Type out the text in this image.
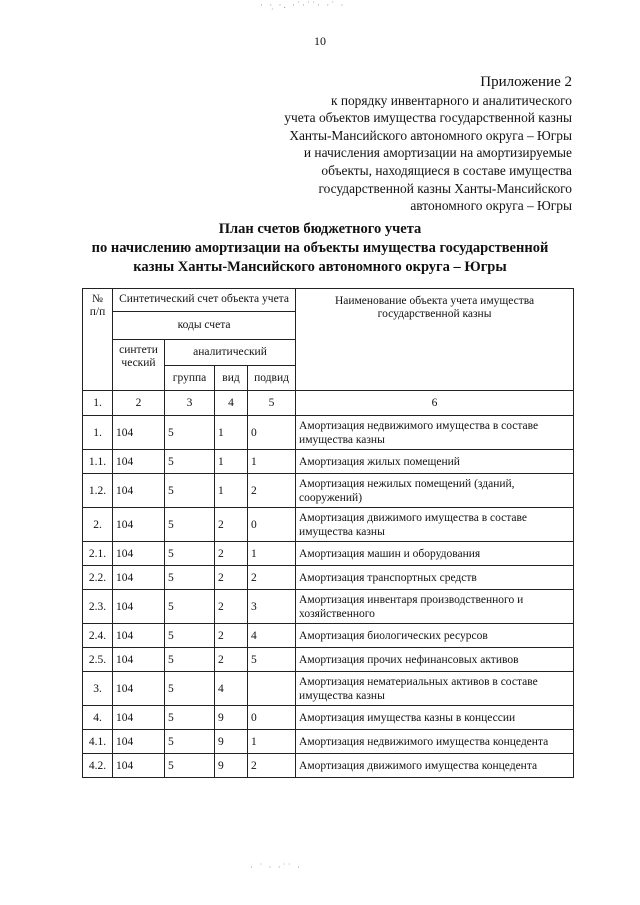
· ·̣ ·. ·˙·˙˙· ·˙ ·
· ˙ · ·˙˙ ·
10
Приложение 2
к порядку инвентарного и аналитического
учета объектов имущества государственной казны
Ханты-Мансийского автономного округа – Югры
и начисления амортизации на амортизируемые
объекты, находящиеся в составе имущества
государственной казны Ханты-Мансийского
автономного округа – Югры
План счетов бюджетного учета
по начислению амортизации на объекты имущества государственной
казны Ханты-Мансийского автономного округа – Югры
№ п/п	Синтетический счет объекта учета				Наименование объекта учета имущества государственной казны
	коды счета				
	синтети ческий	аналитический			
		группа	вид	подвид	
1.	2	3	4	5	6
1.	104	5	1	0	Амортизация недвижимого имущества в составе имущества казны
1.1.	104	5	1	1	Амортизация жилых помещений
1.2.	104	5	1	2	Амортизация нежилых помещений (зданий, сооружений)
2.	104	5	2	0	Амортизация движимого имущества в составе имущества казны
2.1.	104	5	2	1	Амортизация машин и оборудования
2.2.	104	5	2	2	Амортизация транспортных средств
2.3.	104	5	2	3	Амортизация инвентаря производственного и хозяйственного
2.4.	104	5	2	4	Амортизация биологических ресурсов
2.5.	104	5	2	5	Амортизация прочих нефинансовых активов
3.	104	5	4		Амортизация нематериальных активов в составе имущества казны
4.	104	5	9	0	Амортизация имущества казны в концессии
4.1.	104	5	9	1	Амортизация недвижимого имущества концедента
4.2.	104	5	9	2	Амортизация движимого имущества концедента
